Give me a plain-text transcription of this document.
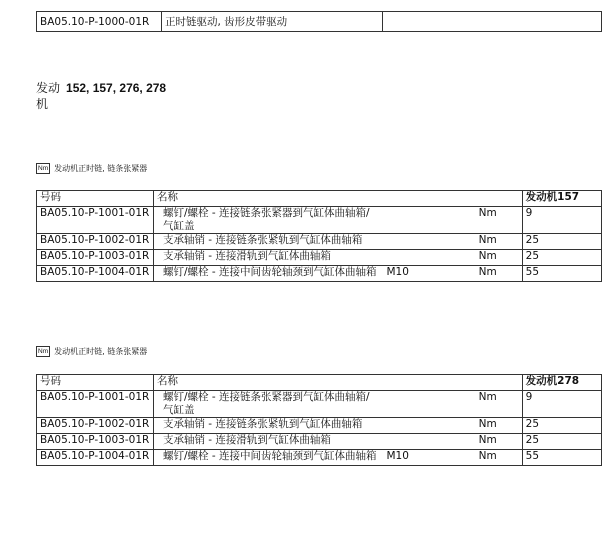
BA05.10-P-1000-01R	正时链驱动, 齿形皮带驱动	
发动
机152, 157, 276, 278
Nm 发动机正时链, 链条张紧器
号码	名称	发动机157
BA05.10-P-1001-01R	螺钉/螺栓 - 连接链条张紧器到气缸体曲轴箱/
气缸盖
Nm	9
BA05.10-P-1002-01R	支承轴销 - 连接链条张紧轨到气缸体曲轴箱 Nm	25
BA05.10-P-1003-01R	支承轴销 - 连接滑轨到气缸体曲轴箱 Nm	25
BA05.10-P-1004-01R	螺钉/螺栓 - 连接中间齿轮轴颈到气缸体曲轴箱   M10 Nm	55
Nm 发动机正时链, 链条张紧器
号码	名称	发动机278
BA05.10-P-1001-01R	螺钉/螺栓 - 连接链条张紧器到气缸体曲轴箱/
气缸盖
Nm	9
BA05.10-P-1002-01R	支承轴销 - 连接链条张紧轨到气缸体曲轴箱 Nm	25
BA05.10-P-1003-01R	支承轴销 - 连接滑轨到气缸体曲轴箱 Nm	25
BA05.10-P-1004-01R	螺钉/螺栓 - 连接中间齿轮轴颈到气缸体曲轴箱   M10 Nm	55
